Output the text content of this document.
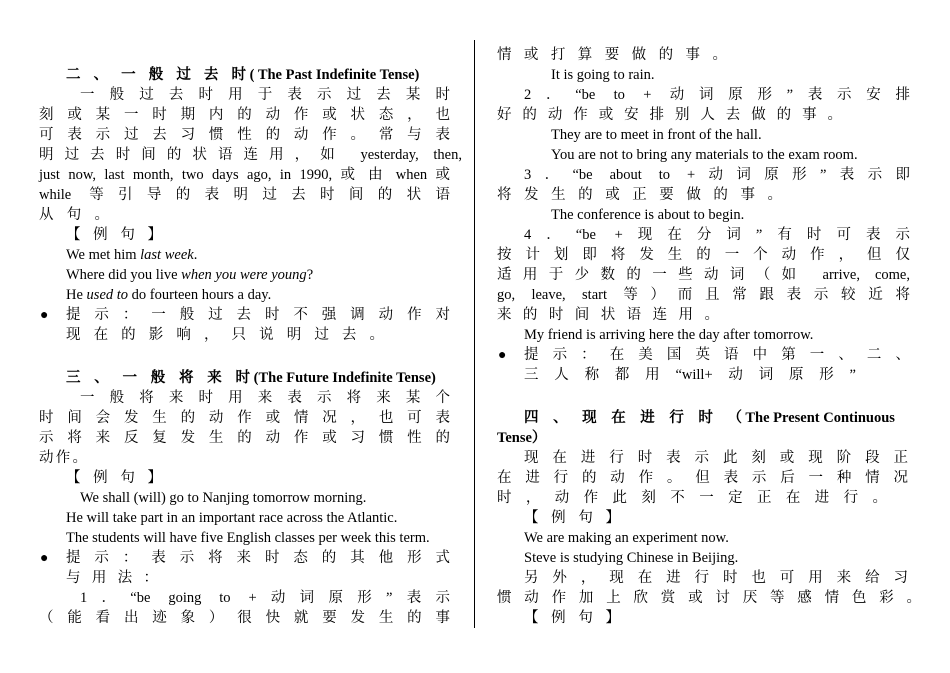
二、一般过去时 ( The Past Indefinite Tense)
一般过去时用于表示过去某时
刻或某一时期内的动作或状态，也
可表示过去习惯性的动作。常与表
明过去时间的状语连用，如 yesterday, then,
just now, last month, two days ago, in 1990, 或 由 when 或
while 等引导的表明过去时间的状语
从句。
【例句】
We met him last week.
Where did you live when you were young?
He used to do fourteen hours a day.
● 提示：一般过去时不强调动作对
现在的影响，只说明过去。
三、一般将来时 (The Future Indefinite Tense)
一般将来时用来表示将来某个
时间会发生的动作或情况，也可表
示将来反复发生的动作或习惯性的
动作。
【例句】
We shall (will) go to Nanjing tomorrow morning.
He will take part in an important race across the Atlantic.
The students will have five English classes per week this term.
● 提示：表示将来时态的其他形式
与用法：
1．“be going to +动词原形”表示
（能看出迹象）很快就要发生的事
情或打算要做的事。
It is going to rain.
2．“be to + 动词原形”表示安排
好的动作或安排别人去做的事。
They are to meet in front of the hall.
You are not to bring any materials to the exam room.
3．“be about to +动词原形”表示即
将发生的或正要做的事。
The conference is about to begin.
4．“be +现在分词”有时可表示
按计划即将发生的一个动作，但仅
适用于少数的一些动词（如 arrive, come,
go, leave, start 等）而且常跟表示较近将
来的时间状语连用。
My friend is arriving here the day after tomorrow.
● 提示：在美国英语中第一、二、
三人称都用“will+动词原形”
四、现在进行时（ The Present Continuous
Tense）
现在进行时表示此刻或现阶段正
在进行的动作。但表示后一种情况
时，动作此刻不一定正在进行。
【例句】
We are making an experiment now.
Steve is studying Chinese in Beijing.
另外，现在进行时也可用来给习
惯动作加上欣赏或讨厌等感情色彩。
【例句】
